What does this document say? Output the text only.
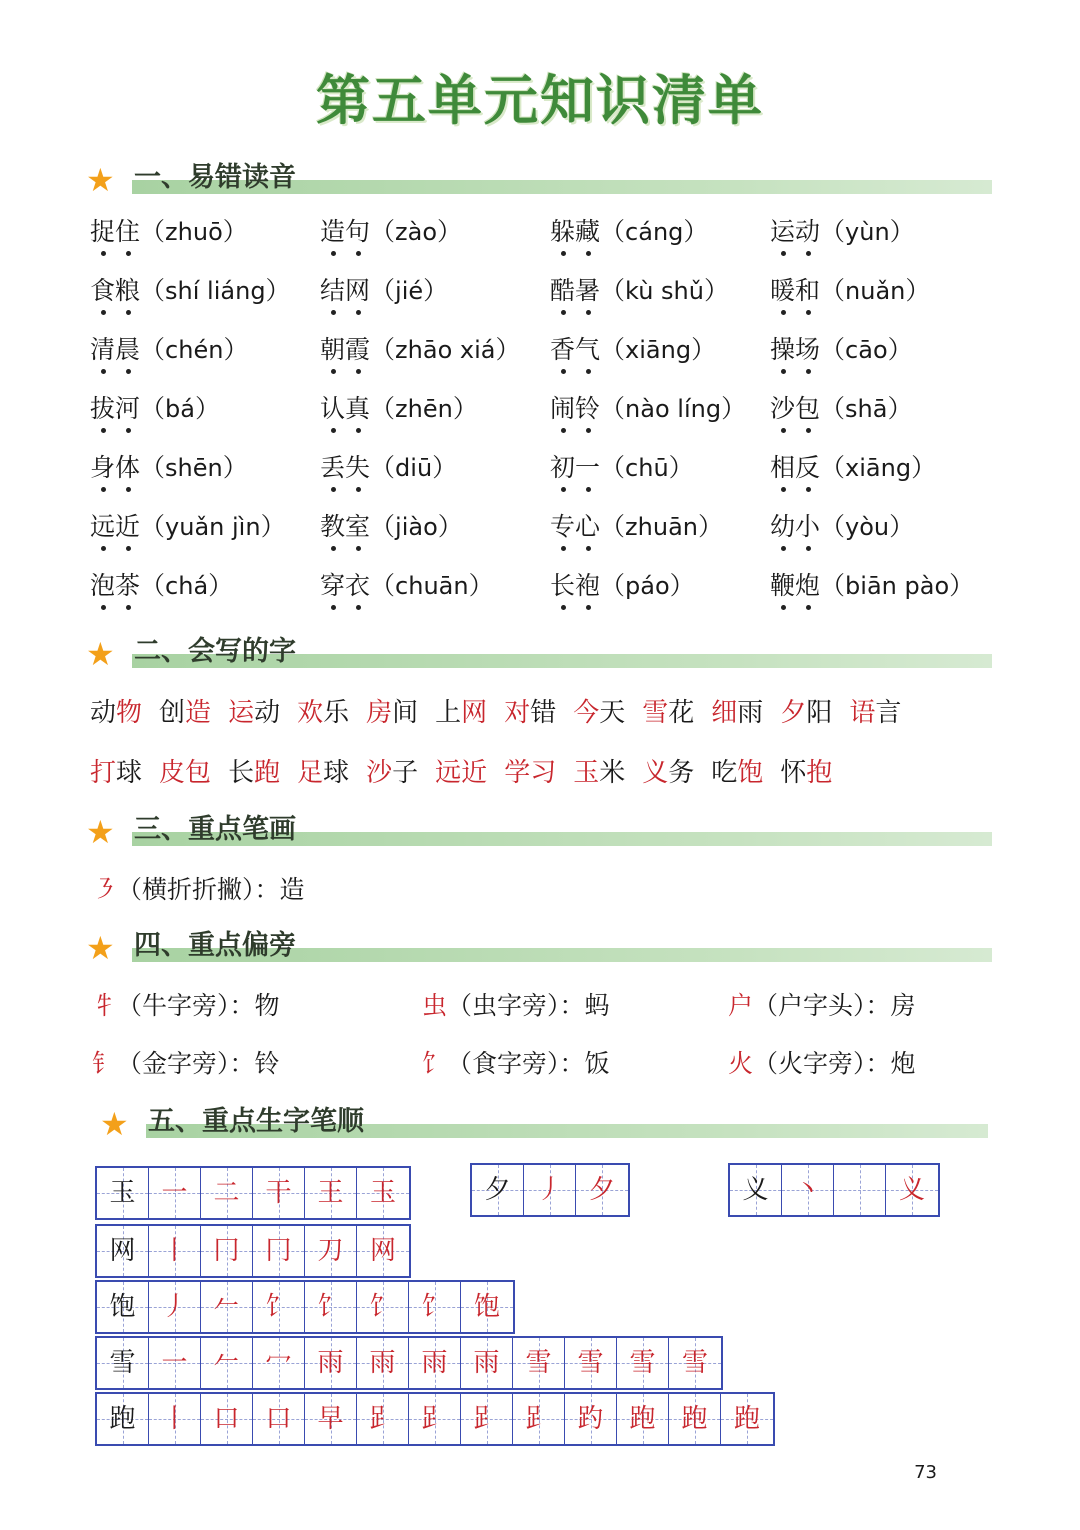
第五单元知识清单
★ 一、易错读音
捉住（zhuō）	造句（zào）	躲藏（cáng） 运动（yùn）
食粮（shí liáng） 结网（jié）	酷暑（kù shǔ） 暖和（nuǎn）
清晨（chén）	朝霞（zhāo xiá） 香气（xiāng） 操场（cāo）
拔河（bá）	认真（zhēn）	闹铃（nào líng） 沙包（shā）
身体（shēn）	丢失（diū）	初一（chū）	相反（xiāng）
远近（yuǎn jìn） 教室（jiào）	专心（zhuān） 幼小（yòu）
泡茶（chá）	穿衣（chuān） 长袍（páo）	鞭炮（biān pào）
★ 二、会写的字
动物 创造 运动 欢乐 房间 上网 对错 今天 雪花 细雨 夕阳 语言
打球 皮包 长跑 足球 沙子 远近 学习 玉米 义务 吃饱 怀抱
★ 三、重点笔画
㇋（横折折撇）：造
★ 四、重点偏旁
牜（牛字旁）：物	虫（虫字旁）：蚂	户（户字头）：房
钅（金字旁）：铃	饣（食字旁）：饭	火（火字旁）：炮
★ 五、重点生字笔顺
玉 一 二 干 王	玉	夕 丿	夕	义 丶	义
网 丨 冂 冂 刀	网
饱 丿 𠂉 饣 饣 饣 饣	饱
雪 一 𠂉 冖 雨 雨 雨 雨 雪 雪 雪	雪
跑 丨 口 口 早 𧾷 𧾷 𧾷 𧾷 趵 跑 跑	跑
73
